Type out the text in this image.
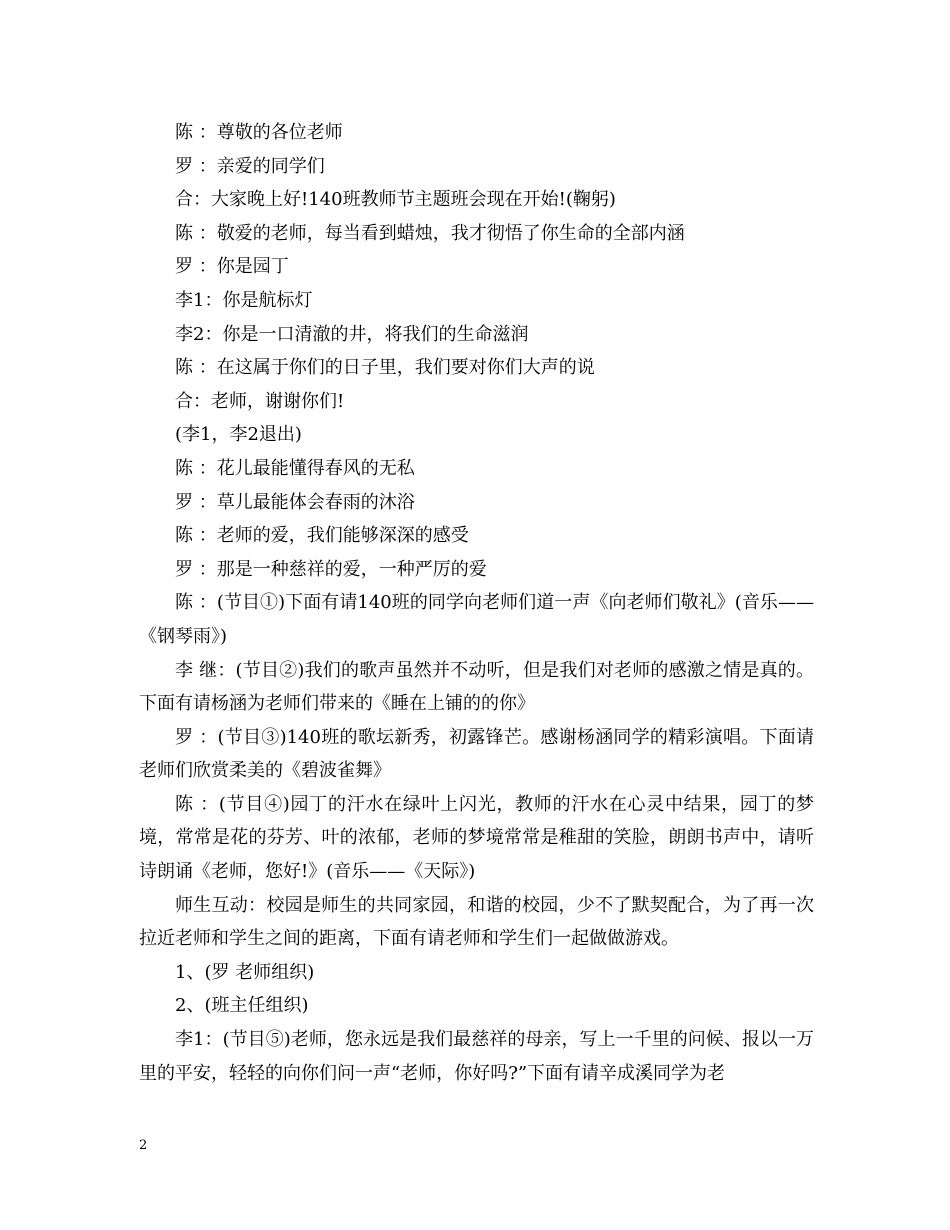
陈 ：尊敬的各位老师

罗 ：亲爱的同学们

合：大家晚上好!140班教师节主题班会现在开始!(鞠躬)

陈 ：敬爱的老师，每当看到蜡烛，我才彻悟了你生命的全部内涵

罗 ：你是园丁

李1：你是航标灯

李2：你是一口清澈的井，将我们的生命滋润

陈 ：在这属于你们的日子里，我们要对你们大声的说

合：老师，谢谢你们!

(李1，李2退出)

陈 ：花儿最能懂得春风的无私

罗 ：草儿最能体会春雨的沐浴

陈 ：老师的爱，我们能够深深的感受

罗 ：那是一种慈祥的爱，一种严厉的爱

陈 ：(节目①)下面有请140班的同学向老师们道一声《向老师们敬礼》(音乐——《钢琴雨》)

李 继：(节目②)我们的歌声虽然并不动听，但是我们对老师的感激之情是真的。下面有请杨涵为老师们带来的《睡在上铺的的你》

罗 ：(节目③)140班的歌坛新秀，初露锋芒。感谢杨涵同学的精彩演唱。下面请老师们欣赏柔美的《碧波雀舞》

陈 ：(节目④)园丁的汗水在绿叶上闪光，教师的汗水在心灵中结果，园丁的梦境，常常是花的芬芳、叶的浓郁，老师的梦境常常是稚甜的笑脸，朗朗书声中，请听诗朗诵《老师，您好!》(音乐——《天际》)

师生互动：校园是师生的共同家园，和谐的校园，少不了默契配合，为了再一次拉近老师和学生之间的距离，下面有请老师和学生们一起做做游戏。

1、(罗 老师组织)

2、(班主任组织)

李1：(节目⑤)老师，您永远是我们最慈祥的母亲，写上一千里的问候、报以一万里的平安，轻轻的向你们问一声“老师，你好吗?”下面有请辛成溪同学为老

2
